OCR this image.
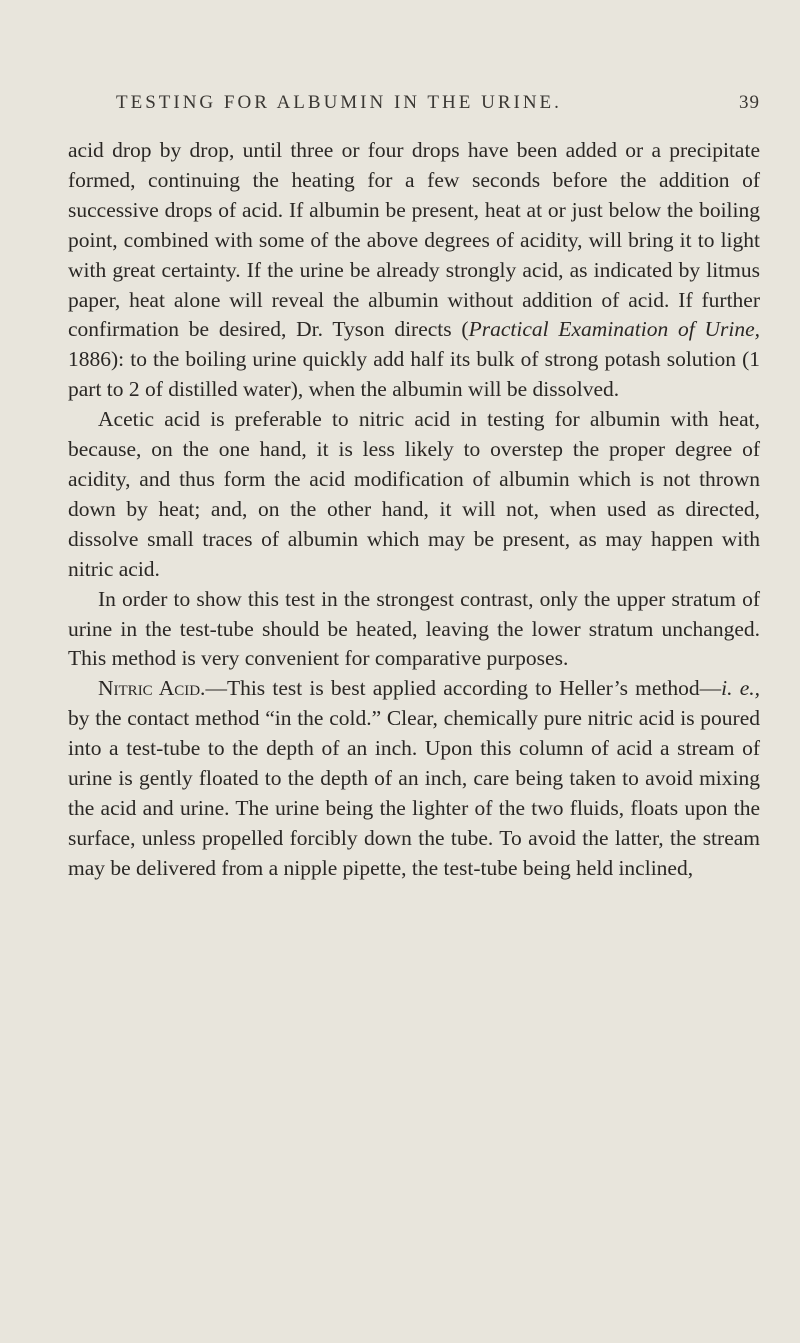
TESTING FOR ALBUMIN IN THE URINE.	39

acid drop by drop, until three or four drops have been added or a precipitate formed, continuing the heating for a few seconds before the addition of successive drops of acid. If albumin be present, heat at or just below the boiling point, combined with some of the above degrees of acidity, will bring it to light with great certainty. If the urine be already strongly acid, as indicated by litmus paper, heat alone will reveal the albumin without addition of acid. If further confirmation be desired, Dr. Tyson directs (Practical Examination of Urine, 1886): to the boiling urine quickly add half its bulk of strong potash solution (1 part to 2 of distilled water), when the albumin will be dissolved.

Acetic acid is preferable to nitric acid in testing for albumin with heat, because, on the one hand, it is less likely to overstep the proper degree of acidity, and thus form the acid modification of albumin which is not thrown down by heat; and, on the other hand, it will not, when used as directed, dissolve small traces of albumin which may be present, as may happen with nitric acid.

In order to show this test in the strongest contrast, only the upper stratum of urine in the test-tube should be heated, leaving the lower stratum unchanged. This method is very convenient for comparative purposes.

Nitric Acid.—This test is best applied according to Heller’s method—i. e., by the contact method “in the cold.” Clear, chemically pure nitric acid is poured into a test-tube to the depth of an inch. Upon this column of acid a stream of urine is gently floated to the depth of an inch, care being taken to avoid mixing the acid and urine. The urine being the lighter of the two fluids, floats upon the surface, unless propelled forcibly down the tube. To avoid the latter, the stream may be delivered from a nipple pipette, the test-tube being held inclined,
